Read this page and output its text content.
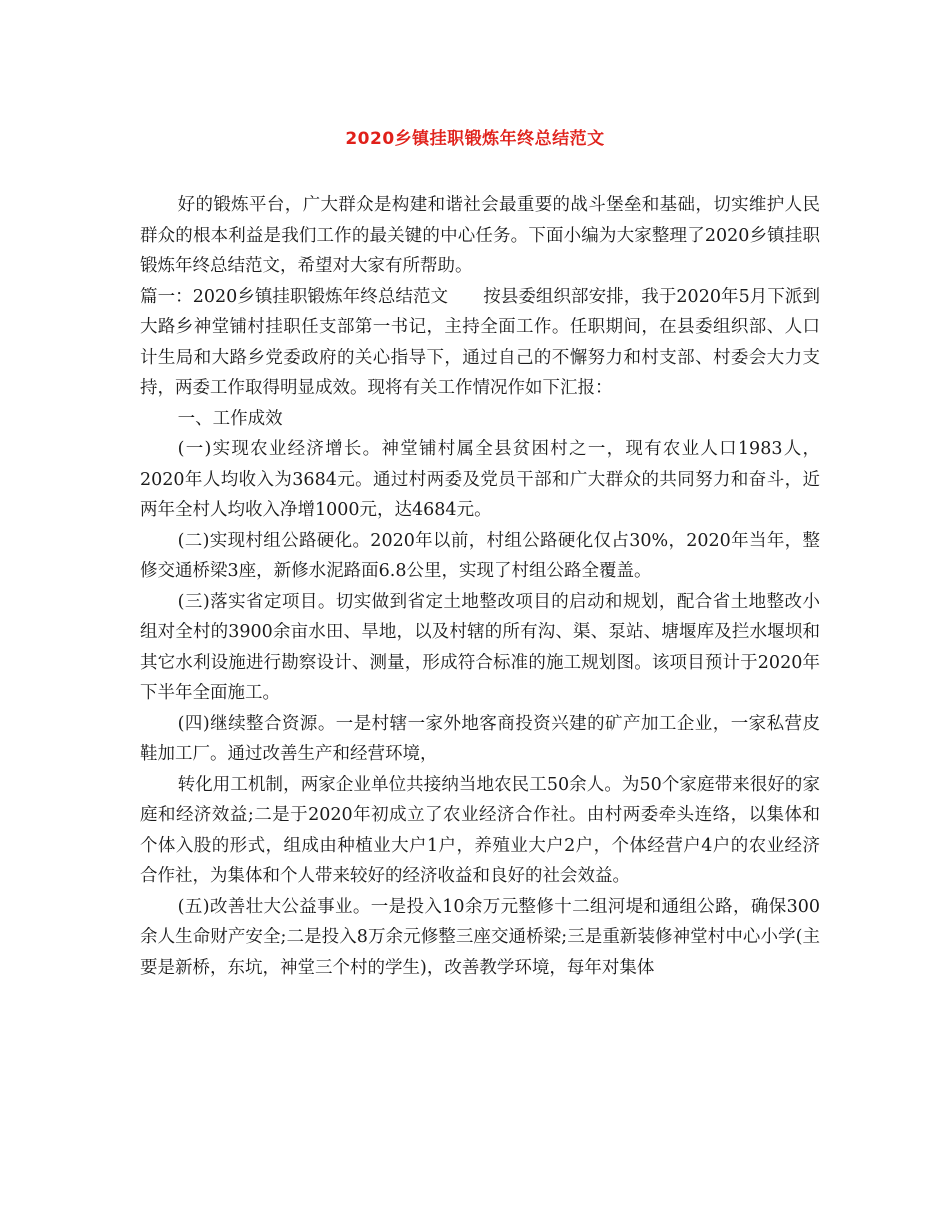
2020乡镇挂职锻炼年终总结范文

好的锻炼平台，广大群众是构建和谐社会最重要的战斗堡垒和基础，切实维护人民群众的根本利益是我们工作的最关键的中心任务。下面小编为大家整理了2020乡镇挂职锻炼年终总结范文，希望对大家有所帮助。

篇一：2020乡镇挂职锻炼年终总结范文　　按县委组织部安排，我于2020年5月下派到大路乡神堂铺村挂职任支部第一书记，主持全面工作。任职期间，在县委组织部、人口计生局和大路乡党委政府的关心指导下，通过自己的不懈努力和村支部、村委会大力支持，两委工作取得明显成效。现将有关工作情况作如下汇报：

一、工作成效

(一)实现农业经济增长。神堂铺村属全县贫困村之一，现有农业人口1983人，2020年人均收入为3684元。通过村两委及党员干部和广大群众的共同努力和奋斗，近两年全村人均收入净增1000元，达4684元。

(二)实现村组公路硬化。2020年以前，村组公路硬化仅占30%，2020年当年，整修交通桥梁3座，新修水泥路面6.8公里，实现了村组公路全覆盖。

(三)落实省定项目。切实做到省定土地整改项目的启动和规划，配合省土地整改小组对全村的3900余亩水田、旱地，以及村辖的所有沟、渠、泵站、塘堰库及拦水堰坝和其它水利设施进行勘察设计、测量，形成符合标准的施工规划图。该项目预计于2020年下半年全面施工。

(四)继续整合资源。一是村辖一家外地客商投资兴建的矿产加工企业，一家私营皮鞋加工厂。通过改善生产和经营环境，

转化用工机制，两家企业单位共接纳当地农民工50余人。为50个家庭带来很好的家庭和经济效益;二是于2020年初成立了农业经济合作社。由村两委牵头连络，以集体和个体入股的形式，组成由种植业大户1户，养殖业大户2户，个体经营户4户的农业经济合作社，为集体和个人带来较好的经济收益和良好的社会效益。

(五)改善壮大公益事业。一是投入10余万元整修十二组河堤和通组公路，确保300余人生命财产安全;二是投入8万余元修整三座交通桥梁;三是重新装修神堂村中心小学(主要是新桥，东坑，神堂三个村的学生)，改善教学环境，每年对集体
